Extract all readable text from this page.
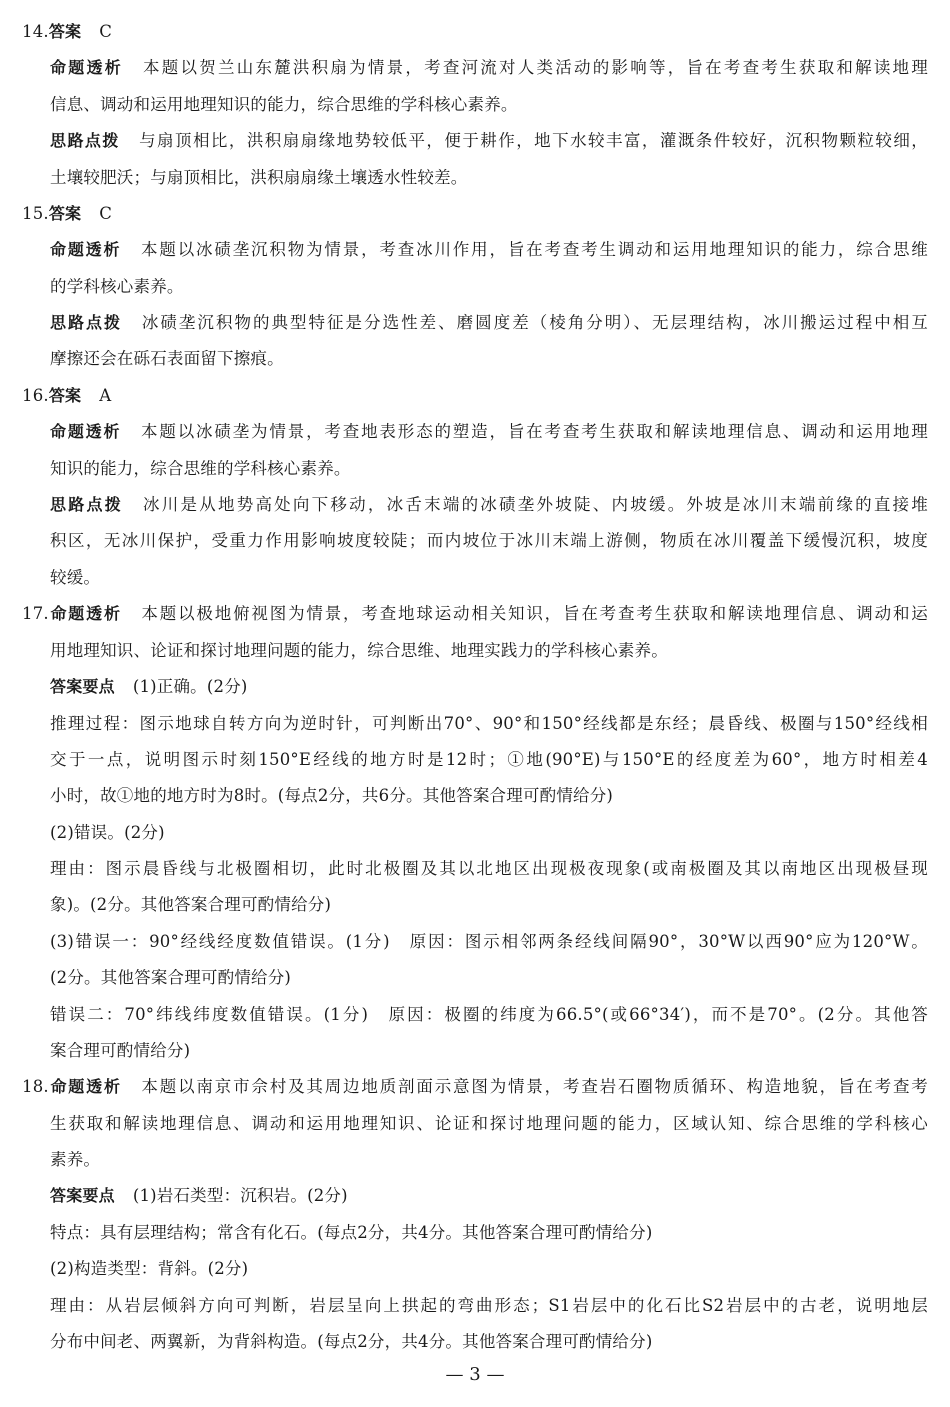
14.答案 C
命题透析 本题以贺兰山东麓洪积扇为情景，考查河流对人类活动的影响等，旨在考查考生获取和解读地理
信息、调动和运用地理知识的能力，综合思维的学科核心素养。
思路点拨 与扇顶相比，洪积扇扇缘地势较低平，便于耕作，地下水较丰富，灌溉条件较好，沉积物颗粒较细，
土壤较肥沃；与扇顶相比，洪积扇扇缘土壤透水性较差。
15.答案 C
命题透析 本题以冰碛垄沉积物为情景，考查冰川作用，旨在考查考生调动和运用地理知识的能力，综合思维
的学科核心素养。
思路点拨 冰碛垄沉积物的典型特征是分选性差、磨圆度差（棱角分明）、无层理结构，冰川搬运过程中相互
摩擦还会在砾石表面留下擦痕。
16.答案 A
命题透析 本题以冰碛垄为情景，考查地表形态的塑造，旨在考查考生获取和解读地理信息、调动和运用地理
知识的能力，综合思维的学科核心素养。
思路点拨 冰川是从地势高处向下移动，冰舌末端的冰碛垄外坡陡、内坡缓。外坡是冰川末端前缘的直接堆
积区，无冰川保护，受重力作用影响坡度较陡；而内坡位于冰川末端上游侧，物质在冰川覆盖下缓慢沉积，坡度
较缓。
17.命题透析 本题以极地俯视图为情景，考查地球运动相关知识，旨在考查考生获取和解读地理信息、调动和运
用地理知识、论证和探讨地理问题的能力，综合思维、地理实践力的学科核心素养。
答案要点 (1)正确。(2分)
推理过程：图示地球自转方向为逆时针，可判断出70°、90°和150°经线都是东经；晨昏线、极圈与150°经线相
交于一点，说明图示时刻150°E经线的地方时是12时；①地(90°E)与150°E的经度差为60°，地方时相差4
小时，故①地的地方时为8时。(每点2分，共6分。其他答案合理可酌情给分)
(2)错误。(2分)
理由：图示晨昏线与北极圈相切，此时北极圈及其以北地区出现极夜现象(或南极圈及其以南地区出现极昼现
象)。(2分。其他答案合理可酌情给分)
(3)错误一：90°经线经度数值错误。(1分)　原因：图示相邻两条经线间隔90°，30°W以西90°应为120°W。
(2分。其他答案合理可酌情给分)
错误二：70°纬线纬度数值错误。(1分)　原因：极圈的纬度为66.5°(或66°34′)，而不是70°。(2分。其他答
案合理可酌情给分)
18.命题透析 本题以南京市佘村及其周边地质剖面示意图为情景，考查岩石圈物质循环、构造地貌，旨在考查考
生获取和解读地理信息、调动和运用地理知识、论证和探讨地理问题的能力，区域认知、综合思维的学科核心
素养。
答案要点 (1)岩石类型：沉积岩。(2分)
特点：具有层理结构；常含有化石。(每点2分，共4分。其他答案合理可酌情给分)
(2)构造类型：背斜。(2分)
理由：从岩层倾斜方向可判断，岩层呈向上拱起的弯曲形态；S1岩层中的化石比S2岩层中的古老，说明地层
分布中间老、两翼新，为背斜构造。(每点2分，共4分。其他答案合理可酌情给分)
— 3 —
